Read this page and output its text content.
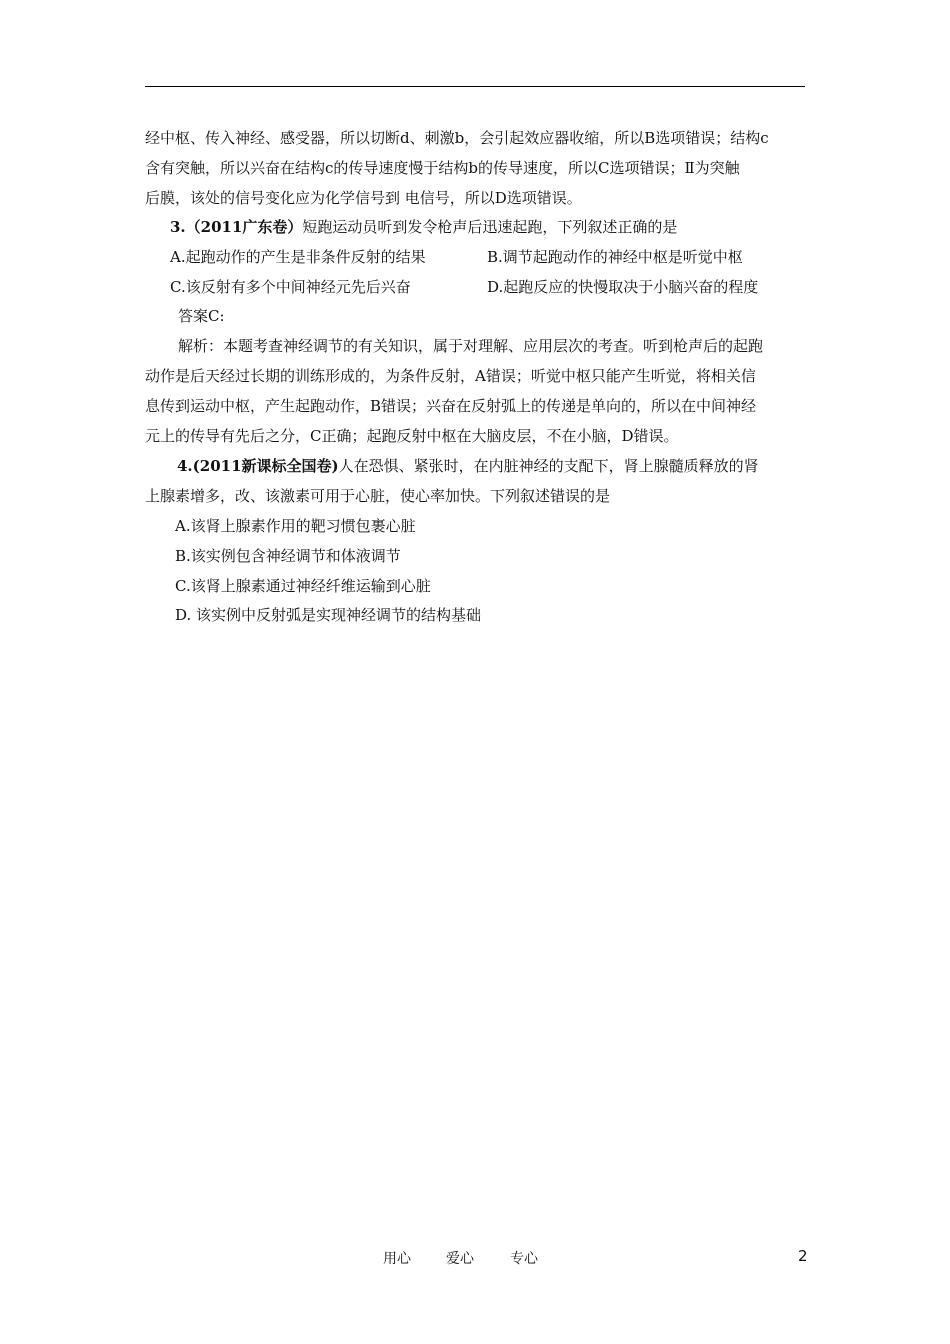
经中枢、传入神经、感受器，所以切断d、刺激b，会引起效应器收缩，所以B选项错误；结构c
含有突触，所以兴奋在结构c的传导速度慢于结构b的传导速度，所以C选项错误；Ⅱ为突触
后膜，该处的信号变化应为化学信号到 电信号，所以D选项错误。
3.（2011广东卷）短跑运动员听到发令枪声后迅速起跑，下列叙述正确的是
A.起跑动作的产生是非条件反射的结果	B.调节起跑动作的神经中枢是听觉中枢
C.该反射有多个中间神经元先后兴奋	D.起跑反应的快慢取决于小脑兴奋的程度
答案C:
解析：本题考查神经调节的有关知识，属于对理解、应用层次的考查。听到枪声后的起跑
动作是后天经过长期的训练形成的，为条件反射，A错误；听觉中枢只能产生听觉，将相关信
息传到运动中枢，产生起跑动作，B错误；兴奋在反射弧上的传递是单向的，所以在中间神经
元上的传导有先后之分，C正确；起跑反射中枢在大脑皮层，不在小脑，D错误。
4.(2011新课标全国卷)人在恐惧、紧张时，在内脏神经的支配下，肾上腺髓质释放的肾
上腺素增多，改、该激素可用于心脏，使心率加快。下列叙述错误的是
A.该肾上腺素作用的靶习惯包裹心脏
B.该实例包含神经调节和体液调节
C.该肾上腺素通过神经纤维运输到心脏
D. 该实例中反射弧是实现神经调节的结构基础
用心	爱心	专心	2
